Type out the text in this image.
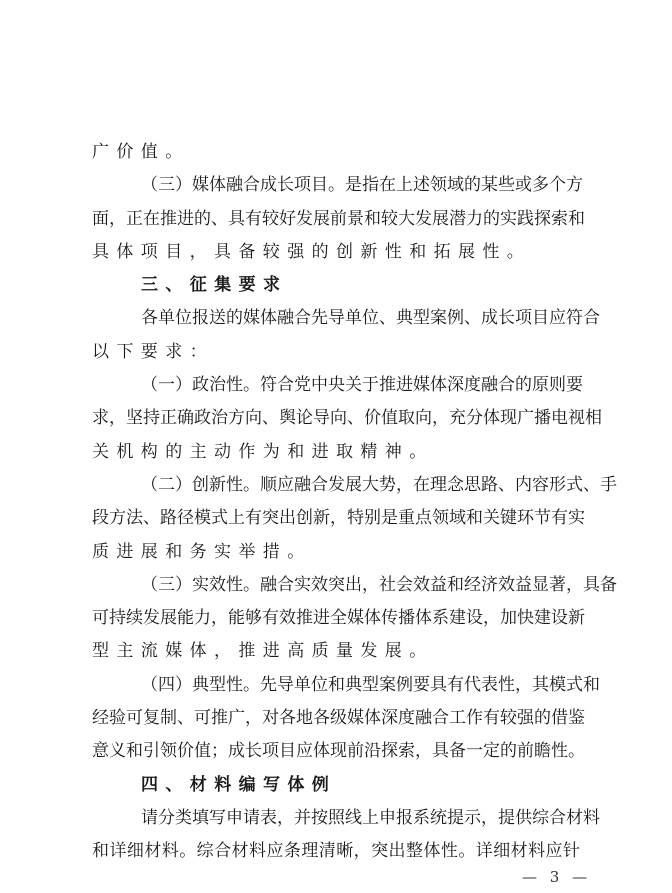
广价值。
（三）媒体融合成长项目。是指在上述领域的某些或多个方
面，正在推进的、具有较好发展前景和较大发展潜力的实践探索和
具体项目，具备较强的创新性和拓展性。
三、征集要求
各单位报送的媒体融合先导单位、典型案例、成长项目应符合
以下要求：
（一）政治性。符合党中央关于推进媒体深度融合的原则要
求，坚持正确政治方向、舆论导向、价值取向，充分体现广播电视相
关机构的主动作为和进取精神。
（二）创新性。顺应融合发展大势，在理念思路、内容形式、手
段方法、路径模式上有突出创新，特别是重点领域和关键环节有实
质进展和务实举措。
（三）实效性。融合实效突出，社会效益和经济效益显著，具备
可持续发展能力，能够有效推进全媒体传播体系建设，加快建设新
型主流媒体，推进高质量发展。
（四）典型性。先导单位和典型案例要具有代表性，其模式和
经验可复制、可推广，对各地各级媒体深度融合工作有较强的借鉴
意义和引领价值；成长项目应体现前沿探索，具备一定的前瞻性。
四、材料编写体例
请分类填写申请表，并按照线上申报系统提示，提供综合材料
和详细材料。综合材料应条理清晰，突出整体性。详细材料应针
— 3 —
